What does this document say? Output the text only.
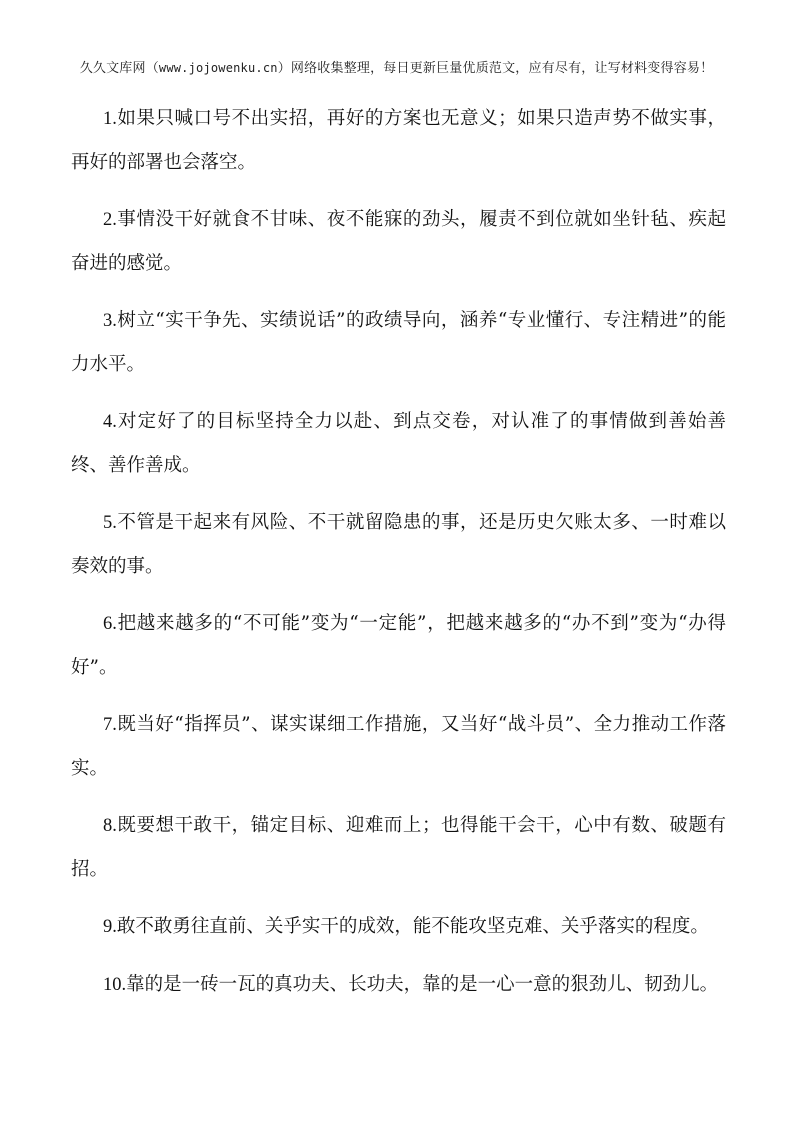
久久文库网（www.jojowenku.cn）网络收集整理，每日更新巨量优质范文，应有尽有，让写材料变得容易！

1.如果只喊口号不出实招，再好的方案也无意义；如果只造声势不做实事，再好的部署也会落空。

2.事情没干好就食不甘味、夜不能寐的劲头，履责不到位就如坐针毡、疾起奋进的感觉。

3.树立“实干争先、实绩说话”的政绩导向，涵养“专业懂行、专注精进”的能力水平。

4.对定好了的目标坚持全力以赴、到点交卷，对认准了的事情做到善始善终、善作善成。

5.不管是干起来有风险、不干就留隐患的事，还是历史欠账太多、一时难以奏效的事。

6.把越来越多的“不可能”变为“一定能”，把越来越多的“办不到”变为“办得好”。

7.既当好“指挥员”、谋实谋细工作措施，又当好“战斗员”、全力推动工作落实。

8.既要想干敢干，锚定目标、迎难而上；也得能干会干，心中有数、破题有招。

9.敢不敢勇往直前、关乎实干的成效，能不能攻坚克难、关乎落实的程度。

10.靠的是一砖一瓦的真功夫、长功夫，靠的是一心一意的狠劲儿、韧劲儿。
